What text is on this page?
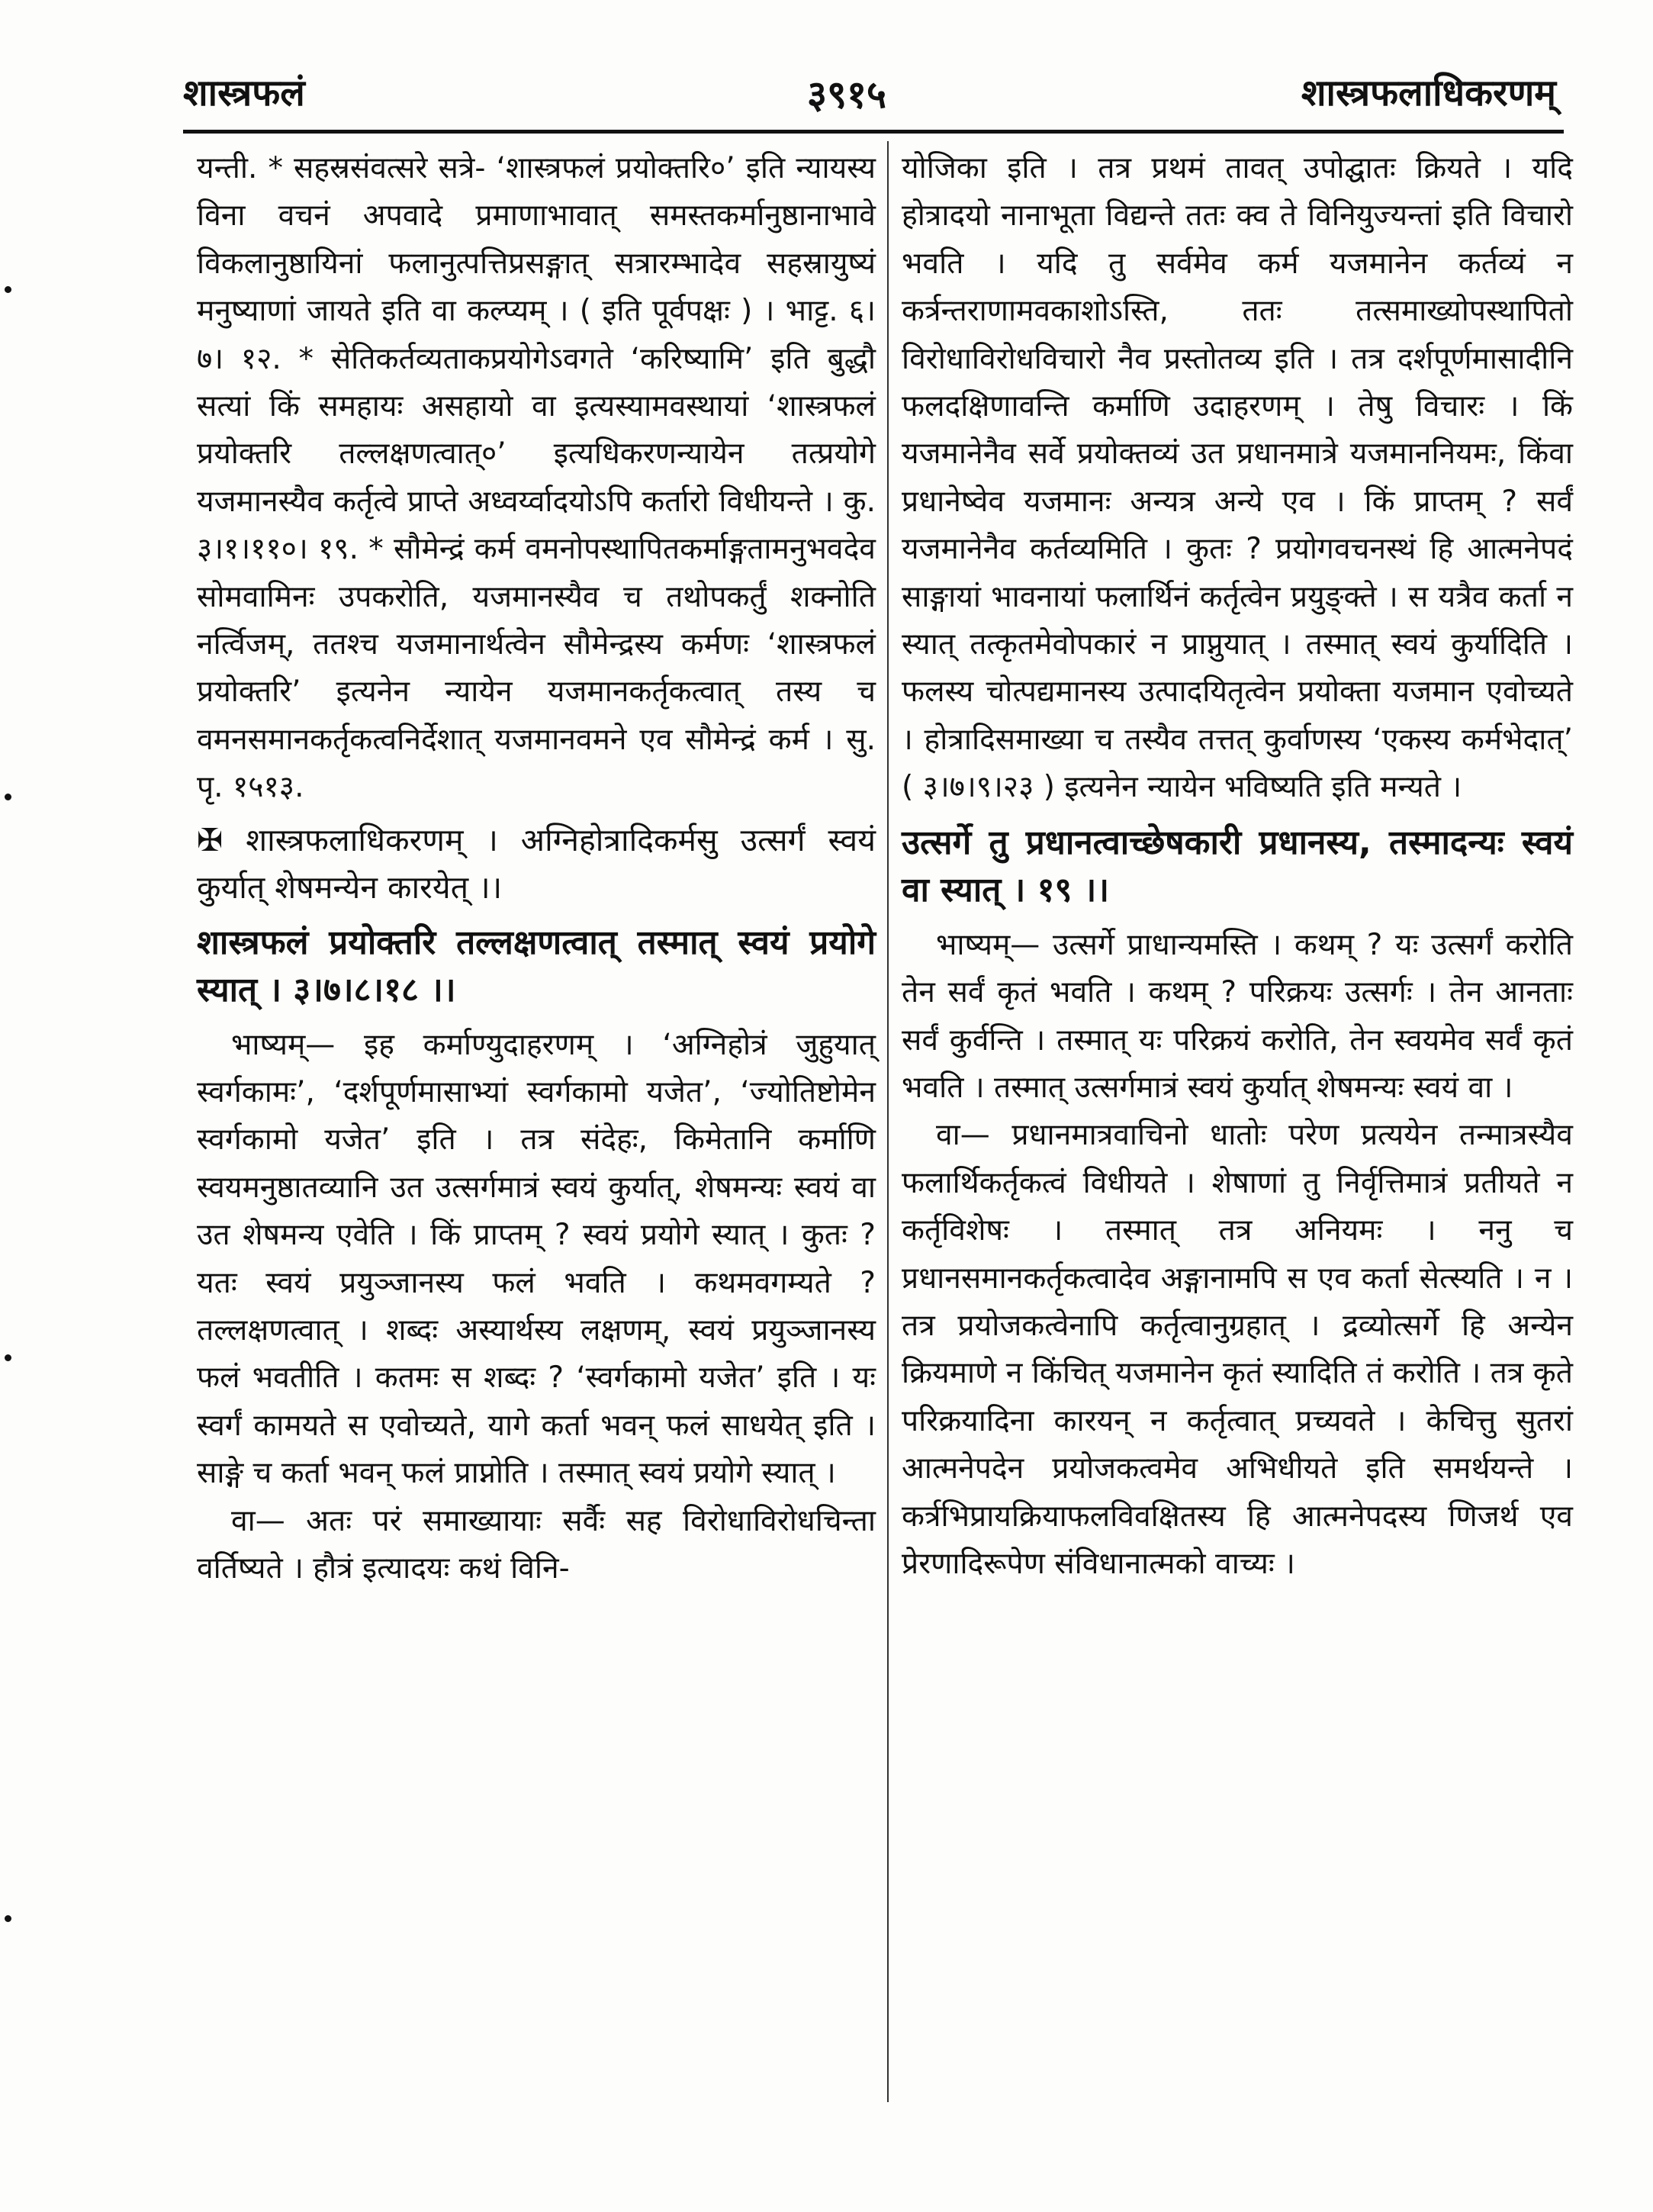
शास्त्रफलं	३९१५	शास्त्रफलाधिकरणम्

यन्ती. * सहस्रसंवत्सरे सत्रे- ‘शास्त्रफलं प्रयोक्तरि०’ इति न्यायस्य विना वचनं अपवादे प्रमाणाभावात् समस्तकर्मानुष्ठानाभावे विकलानुष्ठायिनां फलानुत्पत्तिप्रसङ्गात् सत्रारम्भादेव सहस्रायुष्यं मनुष्याणां जायते इति वा कल्प्यम् । ( इति पूर्वपक्षः ) । भाट्ट. ६।७। १२. * सेतिकर्तव्यताकप्रयोगेऽवगते ‘करिष्यामि’ इति बुद्धौ सत्यां किं समहायः असहायो वा इत्यस्यामवस्थायां ‘शास्त्रफलं प्रयोक्तरि तल्लक्षणत्वात्०’ इत्यधिकरणन्यायेन तत्प्रयोगे यजमानस्यैव कर्तृत्वे प्राप्ते अध्वर्य्वादयोऽपि कर्तारो विधीयन्ते । कु. ३।१।११०। १९. * सौमेन्द्रं कर्म वमनोपस्थापितकर्माङ्गतामनुभवदेव सोमवामिनः उपकरोति, यजमानस्यैव च तथोपकर्तुं शक्नोति नर्त्विजम्, ततश्च यजमानार्थत्वेन सौमेन्द्रस्य कर्मणः ‘शास्त्रफलं प्रयोक्तरि’ इत्यनेन न्यायेन यजमानकर्तृकत्वात् तस्य च वमनसमानकर्तृकत्वनिर्देशात् यजमानवमने एव सौमेन्द्रं कर्म । सु. पृ. १५१३.

✠ शास्त्रफलाधिकरणम् । अग्निहोत्रादिकर्मसु उत्सर्गं स्वयं कुर्यात् शेषमन्येन कारयेत् ।।

शास्त्रफलं प्रयोक्तरि तल्लक्षणत्वात् तस्मात् स्वयं प्रयोगे स्यात् । ३।७।८।१८ ।।

भाष्यम्— इह कर्माण्युदाहरणम् । ‘अग्निहोत्रं जुहुयात् स्वर्गकामः’, ‘दर्शपूर्णमासाभ्यां स्वर्गकामो यजेत’, ‘ज्योतिष्टोमेन स्वर्गकामो यजेत’ इति । तत्र संदेहः, किमेतानि कर्माणि स्वयमनुष्ठातव्यानि उत उत्सर्गमात्रं स्वयं कुर्यात्, शेषमन्यः स्वयं वा उत शेषमन्य एवेति । किं प्राप्तम् ? स्वयं प्रयोगे स्यात् । कुतः ? यतः स्वयं प्रयुञ्जानस्य फलं भवति । कथमवगम्यते ? तल्लक्षणत्वात् । शब्दः अस्यार्थस्य लक्षणम्, स्वयं प्रयुञ्जानस्य फलं भवतीति । कतमः स शब्दः ? ‘स्वर्गकामो यजेत’ इति । यः स्वर्गं कामयते स एवोच्यते, यागे कर्ता भवन् फलं साधयेत् इति । साङ्गे च कर्ता भवन् फलं प्राप्नोति । तस्मात् स्वयं प्रयोगे स्यात् ।

वा— अतः परं समाख्यायाः सर्वैः सह विरोधाविरोधचिन्ता वर्तिष्यते । हौत्रं इत्यादयः कथं विनि-

योजिका इति । तत्र प्रथमं तावत् उपोद्घातः क्रियते । यदि होत्रादयो नानाभूता विद्यन्ते ततः क्व ते विनियुज्यन्तां इति विचारो भवति । यदि तु सर्वमेव कर्म यजमानेन कर्तव्यं न कर्त्रन्तराणामवकाशोऽस्ति, ततः तत्समाख्योपस्थापितो विरोधाविरोधविचारो नैव प्रस्तोतव्य इति । तत्र दर्शपूर्णमासादीनि फलदक्षिणावन्ति कर्माणि उदाहरणम् । तेषु विचारः । किं यजमानेनैव सर्वे प्रयोक्तव्यं उत प्रधानमात्रे यजमाननियमः, किंवा प्रधानेष्वेव यजमानः अन्यत्र अन्ये एव । किं प्राप्तम् ? सर्वं यजमानेनैव कर्तव्यमिति । कुतः ? प्रयोगवचनस्थं हि आत्मनेपदं साङ्गायां भावनायां फलार्थिनं कर्तृत्वेन प्रयुङ्क्ते । स यत्रैव कर्ता न स्यात् तत्कृतमेवोपकारं न प्राप्नुयात् । तस्मात् स्वयं कुर्यादिति । फलस्य चोत्पद्यमानस्य उत्पादयितृत्वेन प्रयोक्ता यजमान एवोच्यते । होत्रादिसमाख्या च तस्यैव तत्तत् कुर्वाणस्य ‘एकस्य कर्मभेदात्’ ( ३।७।९।२३ ) इत्यनेन न्यायेन भविष्यति इति मन्यते ।

उत्सर्गे तु प्रधानत्वाच्छेषकारी प्रधानस्य, तस्मादन्यः स्वयं वा स्यात् । १९ ।।

भाष्यम्— उत्सर्गे प्राधान्यमस्ति । कथम् ? यः उत्सर्गं करोति तेन सर्वं कृतं भवति । कथम् ? परिक्रयः उत्सर्गः । तेन आनताः सर्वं कुर्वन्ति । तस्मात् यः परिक्रयं करोति, तेन स्वयमेव सर्वं कृतं भवति । तस्मात् उत्सर्गमात्रं स्वयं कुर्यात् शेषमन्यः स्वयं वा ।

वा— प्रधानमात्रवाचिनो धातोः परेण प्रत्ययेन तन्मात्रस्यैव फलार्थिकर्तृकत्वं विधीयते । शेषाणां तु निर्वृत्तिमात्रं प्रतीयते न कर्तृविशेषः । तस्मात् तत्र अनियमः । ननु च प्रधानसमानकर्तृकत्वादेव अङ्गानामपि स एव कर्ता सेत्स्यति । न । तत्र प्रयोजकत्वेनापि कर्तृत्वानुग्रहात् । द्रव्योत्सर्गे हि अन्येन क्रियमाणे न किंचित् यजमानेन कृतं स्यादिति तं करोति । तत्र कृते परिक्रयादिना कारयन् न कर्तृत्वात् प्रच्यवते । केचित्तु सुतरां आत्मनेपदेन प्रयोजकत्वमेव अभिधीयते इति समर्थयन्ते । कर्त्रभिप्रायक्रियाफलविवक्षितस्य हि आत्मनेपदस्य णिजर्थ एव प्रेरणादिरूपेण संविधानात्मको वाच्यः ।
